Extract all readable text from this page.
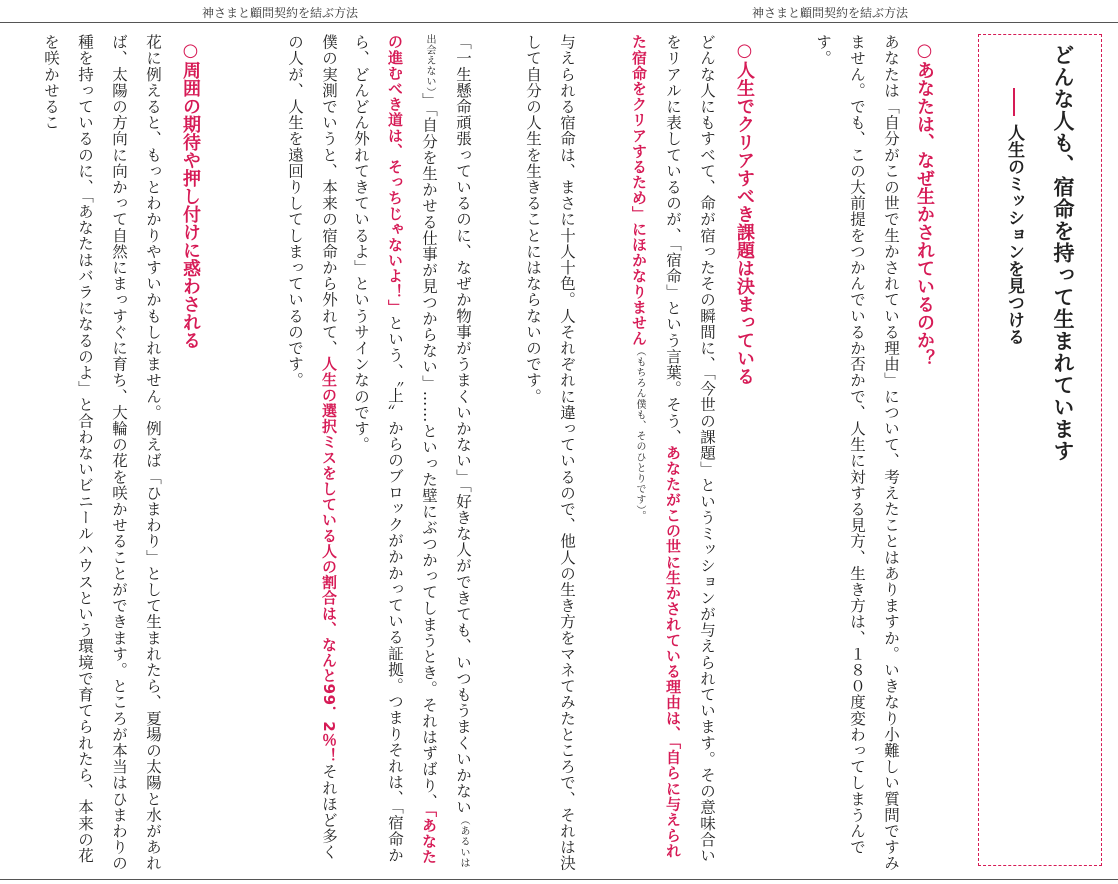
神さまと顧問契約を結ぶ方法	神さまと顧問契約を結ぶ方法
どんな人も、宿命を持って生まれています
人生のミッションを見つける
○あなたは、なぜ生かされているのか？
あなたは「自分がこの世で生かされている理由」について、考えたことはありますか。いきなり小難しい質問ですみません。でも、この大前提をつかんでいるか否かで、人生に対する見方、生き方は、１８０度変わってしまうんです。
○人生でクリアすべき課題は決まっている
どんな人にもすべて、命が宿ったその瞬間に、「今世の課題」というミッションが与えられています。その意味合いをリアルに表しているのが、「宿命」という言葉。そう、あなたがこの世に生かされている理由は、「自らに与えられた宿命をクリアするため」にほかなりません（もちろん僕も、そのひとりです）。
与えられる宿命は、まさに十人十色。人それぞれに違っているので、他人の生き方をマネてみたところで、それは決して自分の人生を生きることにはならないのです。
「一生懸命頑張っているのに、なぜか物事がうまくいかない」「好きな人ができても、いつもうまくいかない（あるいは出会えない）」「自分を生かせる仕事が見つからない」……といった壁にぶつかってしまうとき。それはずばり、「あなたの進むべき道は、そっちじゃないよ！」という、〝上〟からのブロックがかかっている証拠。つまりそれは、「宿命から、どんどん外れてきているよ」というサインなのです。
僕の実測でいうと、本来の宿命から外れて、人生の選択ミスをしている人の割合は、なんと99．2％！それほど多くの人が、人生を遠回りしてしまっているのです。
○周囲の期待や押し付けに惑わされる
花に例えると、もっとわかりやすいかもしれません。例えば「ひまわり」として生まれたら、夏場の太陽と水があれば、太陽の方向に向かって自然にまっすぐに育ち、大輪の花を咲かせることができます。ところが本当はひまわりの種を持っているのに、「あなたはバラになるのよ」と合わないビニールハウスという環境で育てられたら、本来の花を咲かせるこ
